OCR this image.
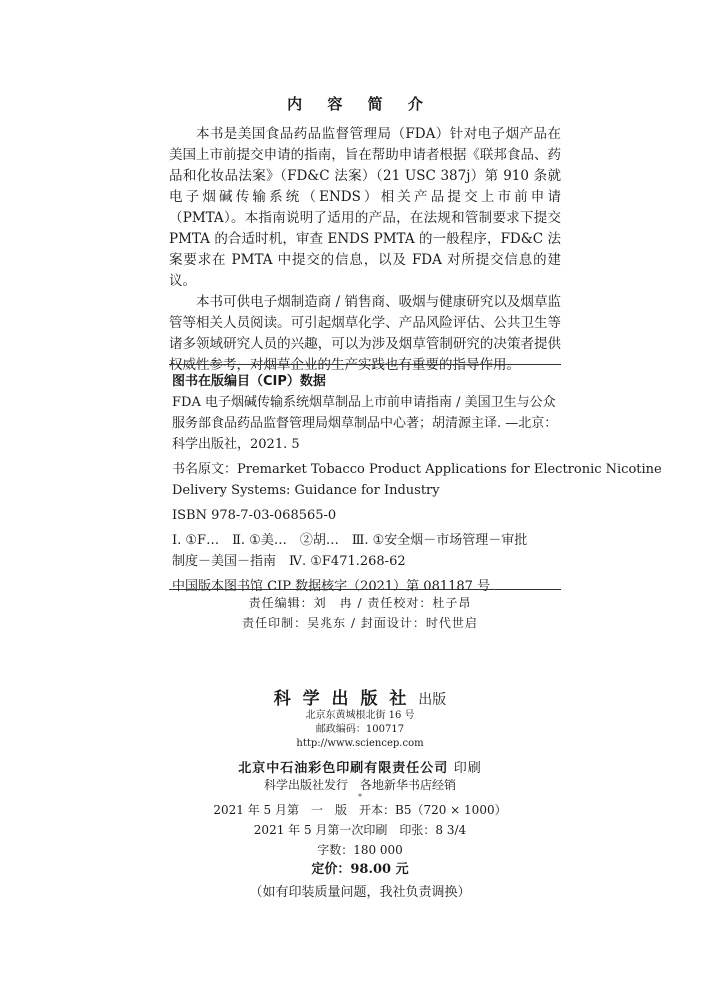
内 容 简 介

本书是美国食品药品监督管理局（FDA）针对电子烟产品在美国上市前提交申请的指南，旨在帮助申请者根据《联邦食品、药品和化妆品法案》（FD&C 法案）（21 USC 387j）第 910 条就电子烟碱传输系统（ENDS）相关产品提交上市前申请（PMTA）。本指南说明了适用的产品，在法规和管制要求下提交 PMTA 的合适时机，审查 ENDS PMTA 的一般程序，FD&C 法案要求在 PMTA 中提交的信息，以及 FDA 对所提交信息的建议。

本书可供电子烟制造商 / 销售商、吸烟与健康研究以及烟草监管等相关人员阅读。可引起烟草化学、产品风险评估、公共卫生等诸多领域研究人员的兴趣，可以为涉及烟草管制研究的决策者提供权威性参考，对烟草企业的生产实践也有重要的指导作用。

图书在版编目（CIP）数据
FDA 电子烟碱传输系统烟草制品上市前申请指南 / 美国卫生与公众
服务部食品药品监督管理局烟草制品中心著；胡清源主译. —北京：
科学出版社，2021. 5
书名原文：Premarket Tobacco Product Applications for Electronic Nicotine
Delivery Systems: Guidance for Industry
ISBN 978-7-03-068565-0
Ⅰ. ①F…　Ⅱ. ①美…　②胡…　Ⅲ. ①安全烟－市场管理－审批
制度－美国－指南　Ⅳ. ①F471.268-62
中国版本图书馆 CIP 数据核字（2021）第 081187 号
责任编辑：刘　冉 / 责任校对：杜子昂
责任印制：吴兆东 / 封面设计：时代世启
科 学 出 版 社 出版
北京东黄城根北街 16 号
邮政编码：100717
http://www.sciencep.com
北京中石油彩色印刷有限责任公司 印刷
科学出版社发行　各地新华书店经销
*
2021 年 5 月第　一　版　开本：B5（720 × 1000）
2021 年 5 月第一次印刷　印张：8 3/4
字数：180 000
定价：98.00 元
（如有印装质量问题，我社负责调换）
